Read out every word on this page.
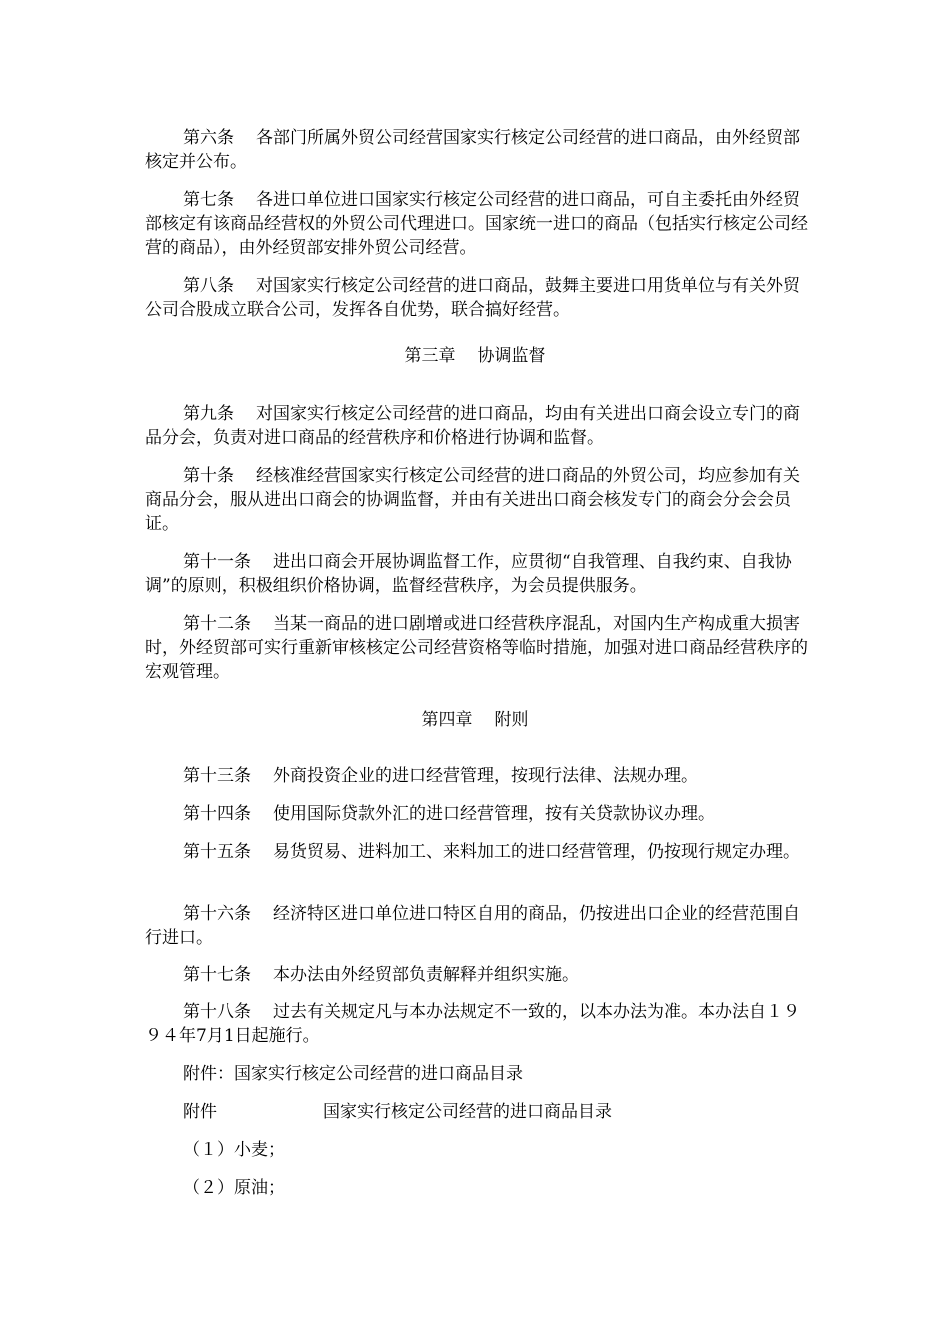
第六条 各部门所属外贸公司经营国家实行核定公司经营的进口商品，由外经贸部核定并公布。

第七条 各进口单位进口国家实行核定公司经营的进口商品，可自主委托由外经贸部核定有该商品经营权的外贸公司代理进口。国家统一进口的商品（包括实行核定公司经营的商品），由外经贸部安排外贸公司经营。

第八条 对国家实行核定公司经营的进口商品，鼓舞主要进口用货单位与有关外贸公司合股成立联合公司，发挥各自优势，联合搞好经营。

第三章 协调监督

第九条 对国家实行核定公司经营的进口商品，均由有关进出口商会设立专门的商品分会，负责对进口商品的经营秩序和价格进行协调和监督。

第十条 经核准经营国家实行核定公司经营的进口商品的外贸公司，均应参加有关商品分会，服从进出口商会的协调监督，并由有关进出口商会核发专门的商会分会会员证。

第十一条 进出口商会开展协调监督工作，应贯彻“自我管理、自我约束、自我协调”的原则，积极组织价格协调，监督经营秩序，为会员提供服务。

第十二条 当某一商品的进口剧增或进口经营秩序混乱，对国内生产构成重大损害时，外经贸部可实行重新审核核定公司经营资格等临时措施，加强对进口商品经营秩序的宏观管理。

第四章 附则

第十三条 外商投资企业的进口经营管理，按现行法律、法规办理。

第十四条 使用国际贷款外汇的进口经营管理，按有关贷款协议办理。

第十五条 易货贸易、进料加工、来料加工的进口经营管理，仍按现行规定办理。

第十六条 经济特区进口单位进口特区自用的商品，仍按进出口企业的经营范围自行进口。

第十七条 本办法由外经贸部负责解释并组织实施。

第十八条 过去有关规定凡与本办法规定不一致的，以本办法为准。本办法自１９９４年7月1日起施行。

附件：国家实行核定公司经营的进口商品目录

附件	国家实行核定公司经营的进口商品目录

（１）小麦；

（２）原油；
